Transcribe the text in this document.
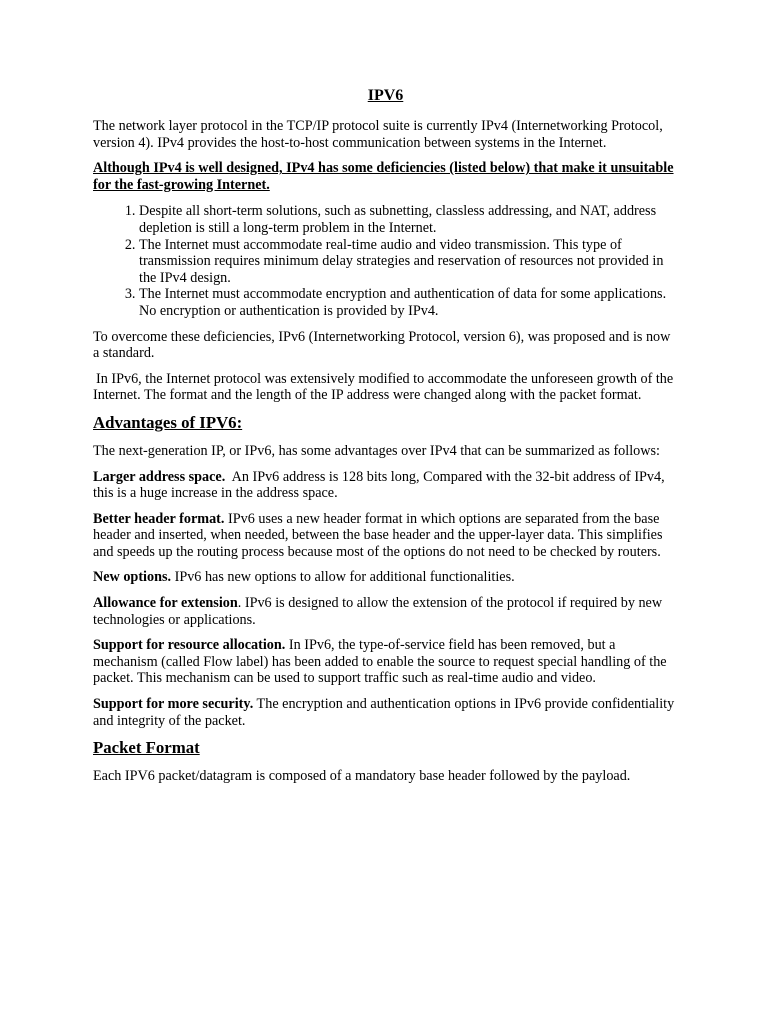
IPV6

The network layer protocol in the TCP/IP protocol suite is currently IPv4 (Internetworking Protocol, version 4). IPv4 provides the host-to-host communication between systems in the Internet.

Although IPv4 is well designed, IPv4 has some deficiencies (listed below) that make it unsuitable for the fast-growing Internet.

1. Despite all short-term solutions, such as subnetting, classless addressing, and NAT, address depletion is still a long-term problem in the Internet.
2. The Internet must accommodate real-time audio and video transmission. This type of transmission requires minimum delay strategies and reservation of resources not provided in the IPv4 design.
3. The Internet must accommodate encryption and authentication of data for some applications. No encryption or authentication is provided by IPv4.

To overcome these deficiencies, IPv6 (Internetworking Protocol, version 6), was proposed and is now a standard.

In IPv6, the Internet protocol was extensively modified to accommodate the unforeseen growth of the Internet. The format and the length of the IP address were changed along with the packet format.

Advantages of IPV6:

The next-generation IP, or IPv6, has some advantages over IPv4 that can be summarized as follows:

Larger address space.  An IPv6 address is 128 bits long, Compared with the 32-bit address of IPv4, this is a huge increase in the address space.

Better header format. IPv6 uses a new header format in which options are separated from the base header and inserted, when needed, between the base header and the upper-layer data. This simplifies and speeds up the routing process because most of the options do not need to be checked by routers.

New options. IPv6 has new options to allow for additional functionalities.

Allowance for extension. IPv6 is designed to allow the extension of the protocol if required by new technologies or applications.

Support for resource allocation. In IPv6, the type-of-service field has been removed, but a mechanism (called Flow label) has been added to enable the source to request special handling of the packet. This mechanism can be used to support traffic such as real-time audio and video.

Support for more security. The encryption and authentication options in IPv6 provide confidentiality and integrity of the packet.

Packet Format

Each IPV6 packet/datagram is composed of a mandatory base header followed by the payload.
